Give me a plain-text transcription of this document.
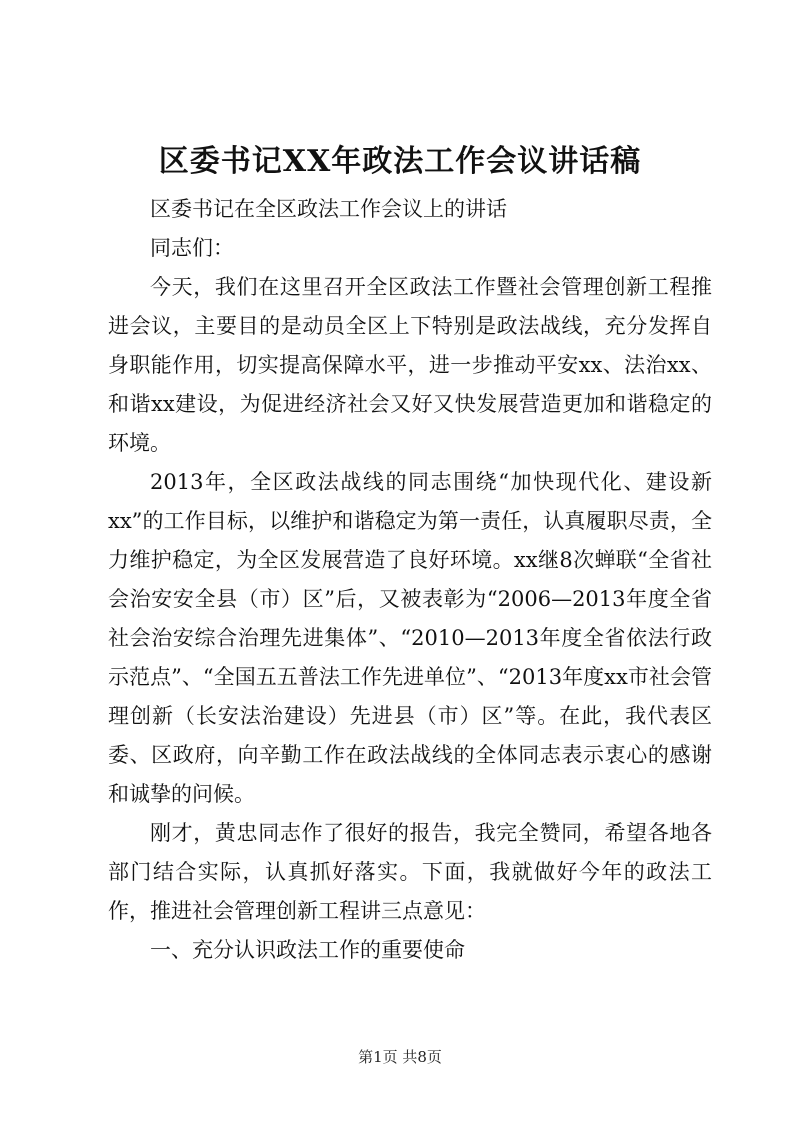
区委书记XX年政法工作会议讲话稿

区委书记在全区政法工作会议上的讲话

同志们：

今天，我们在这里召开全区政法工作暨社会管理创新工程推进会议，主要目的是动员全区上下特别是政法战线，充分发挥自身职能作用，切实提高保障水平，进一步推动平安xx、法治xx、和谐xx建设，为促进经济社会又好又快发展营造更加和谐稳定的环境。

2013年，全区政法战线的同志围绕“加快现代化、建设新xx”的工作目标，以维护和谐稳定为第一责任，认真履职尽责，全力维护稳定，为全区发展营造了良好环境。xx继8次蝉联“全省社会治安安全县（市）区”后，又被表彰为“2006—2013年度全省社会治安综合治理先进集体”、“2010—2013年度全省依法行政示范点”、“全国五五普法工作先进单位”、“2013年度xx市社会管理创新（长安法治建设）先进县（市）区”等。在此，我代表区委、区政府，向辛勤工作在政法战线的全体同志表示衷心的感谢和诚挚的问候。

刚才，黄忠同志作了很好的报告，我完全赞同，希望各地各部门结合实际，认真抓好落实。下面，我就做好今年的政法工作，推进社会管理创新工程讲三点意见：

一、充分认识政法工作的重要使命

第1页 共8页
